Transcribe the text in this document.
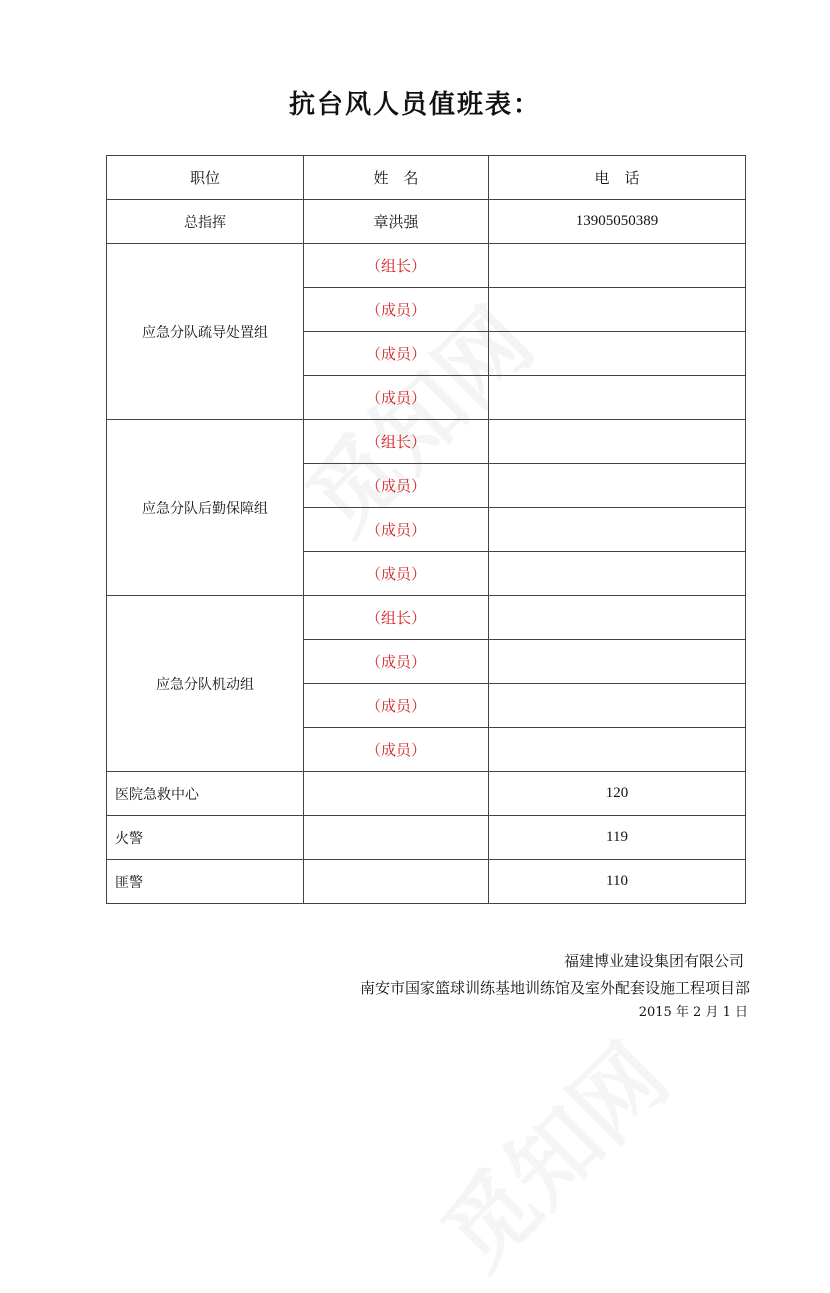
抗台风人员值班表：
职位	姓　名	电　话
总指挥	章洪强	13905050389
应急分队疏导处置组	（组长）	
	（成员）	
	（成员）	
	（成员）	
应急分队后勤保障组	（组长）	
	（成员）	
	（成员）	
	（成员）	
应急分队机动组	（组长）	
	（成员）	
	（成员）	
	（成员）	
医院急救中心		120
火警		119
匪警		110
福建博业建设集团有限公司
南安市国家篮球训练基地训练馆及室外配套设施工程项目部
2015 年 2 月 1 日
